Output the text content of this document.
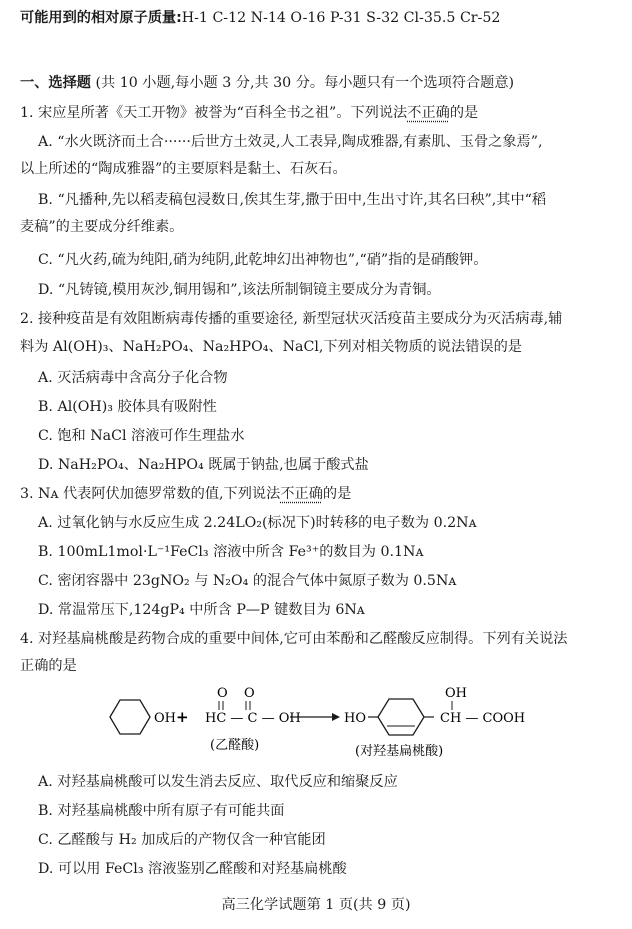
可能用到的相对原子质量:H-1 C-12 N-14 O-16 P-31 S-32 Cl-35.5 Cr-52
一、选择题 (共 10 小题,每小题 3 分,共 30 分。每小题只有一个选项符合题意)
1. 宋应星所著《天工开物》被誉为“百科全书之祖”。下列说法不正确的是
A. “水火既济而土合······后世方土效灵,人工表异,陶成雅器,有素肌、玉骨之象焉”,
以上所述的“陶成雅器”的主要原料是黏土、石灰石。
B. “凡播种,先以稻麦稿包浸数日,俟其生芽,撒于田中,生出寸许,其名曰秧”,其中“稻
麦稿”的主要成分纤维素。
C. “凡火药,硫为纯阳,硝为纯阴,此乾坤幻出神物也”,“硝”指的是硝酸钾。
D. “凡铸镜,模用灰沙,铜用锡和”,该法所制铜镜主要成分为青铜。
2. 接种疫苗是有效阻断病毒传播的重要途径, 新型冠状灭活疫苗主要成分为灭活病毒,辅
料为 Al(OH)₃、NaH₂PO₄、Na₂HPO₄、NaCl,下列对相关物质的说法错误的是
A. 灭活病毒中含高分子化合物
B. Al(OH)₃ 胶体具有吸附性
C. 饱和 NaCl 溶液可作生理盐水
D. NaH₂PO₄、Na₂HPO₄ 既属于钠盐,也属于酸式盐
3. Nᴀ 代表阿伏加德罗常数的值,下列说法不正确的是
A. 过氧化钠与水反应生成 2.24LO₂(标况下)时转移的电子数为 0.2Nᴀ
B. 100mL1mol·L⁻¹FeCl₃ 溶液中所含 Fe³⁺的数目为 0.1Nᴀ
C. 密闭容器中 23gNO₂ 与 N₂O₄ 的混合气体中氮原子数为 0.5Nᴀ
D. 常温常压下,124gP₄ 中所含 P—P 键数目为 6Nᴀ
4. 对羟基扁桃酸是药物合成的重要中间体,它可由苯酚和乙醛酸反应制得。下列有关说法
正确的是
OH +
O O
HC — C — OH	HO
OH
CH — COOH
(乙醛酸)	(对羟基扁桃酸)
A. 对羟基扁桃酸可以发生消去反应、取代反应和缩聚反应
B. 对羟基扁桃酸中所有原子有可能共面
C. 乙醛酸与 H₂ 加成后的产物仅含一种官能团
D. 可以用 FeCl₃ 溶液鉴别乙醛酸和对羟基扁桃酸
高三化学试题第 1 页(共 9 页)
